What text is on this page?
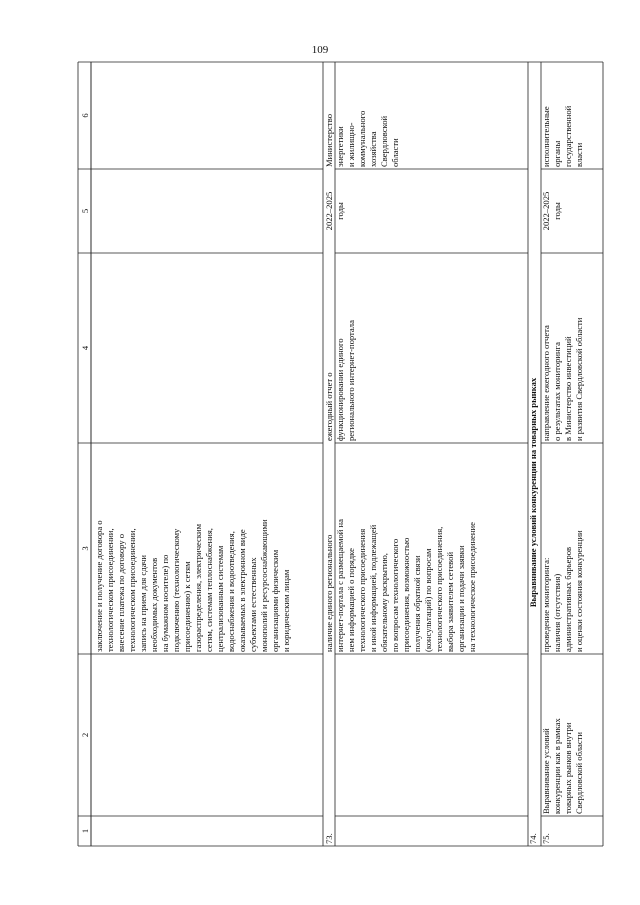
109
1
2
3
4
5
6
заключение и получение договора о
технологическом присоединении,
внесение платежа по договору о
технологическом присоединении,
запись на прием для сдачи
необходимых документов
на бумажном носителе) по
подключению (технологическому
присоединению) к сетям
газораспределения, электрическим
сетям, системам теплоснабжения,
централизованным системам
водоснабжения и водоотведения,
оказываемых в электронном виде
субъектами естественных
монополий и ресурсоснабжающими
организациями физическим
и юридическим лицам
73.
наличие единого регионального
интернет-портала с размещаемой на
нем информацией о порядке
технологического присоединения
и иной информацией, подлежащей
обязательному раскрытию,
по вопросам технологического
присоединения, возможностью
получения обратной связи
(консультаций) по вопросам
технологического присоединения,
выбора заявителем сетевой
организации и подачи заявки
на технологическое присоединение
ежегодный отчет о
функционировании единого
регионального интернет-портала
2022–2025
годы
Министерство
энергетики
и жилищно-
коммунального
хозяйства
Свердловской
области
74.
Выравнивание условий конкуренции на товарных рынках
75.
Выравнивание условий
конкуренции как в рамках
товарных рынков внутри
Свердловской области
проведение мониторинга:
наличия (отсутствия)
административных барьеров
и оценки состояния конкуренции
направление ежегодного отчета
о результатах мониторинга
в Министерство инвестиций
и развития Свердловской области
2022–2025
годы
исполнительные
органы
государственной
власти
